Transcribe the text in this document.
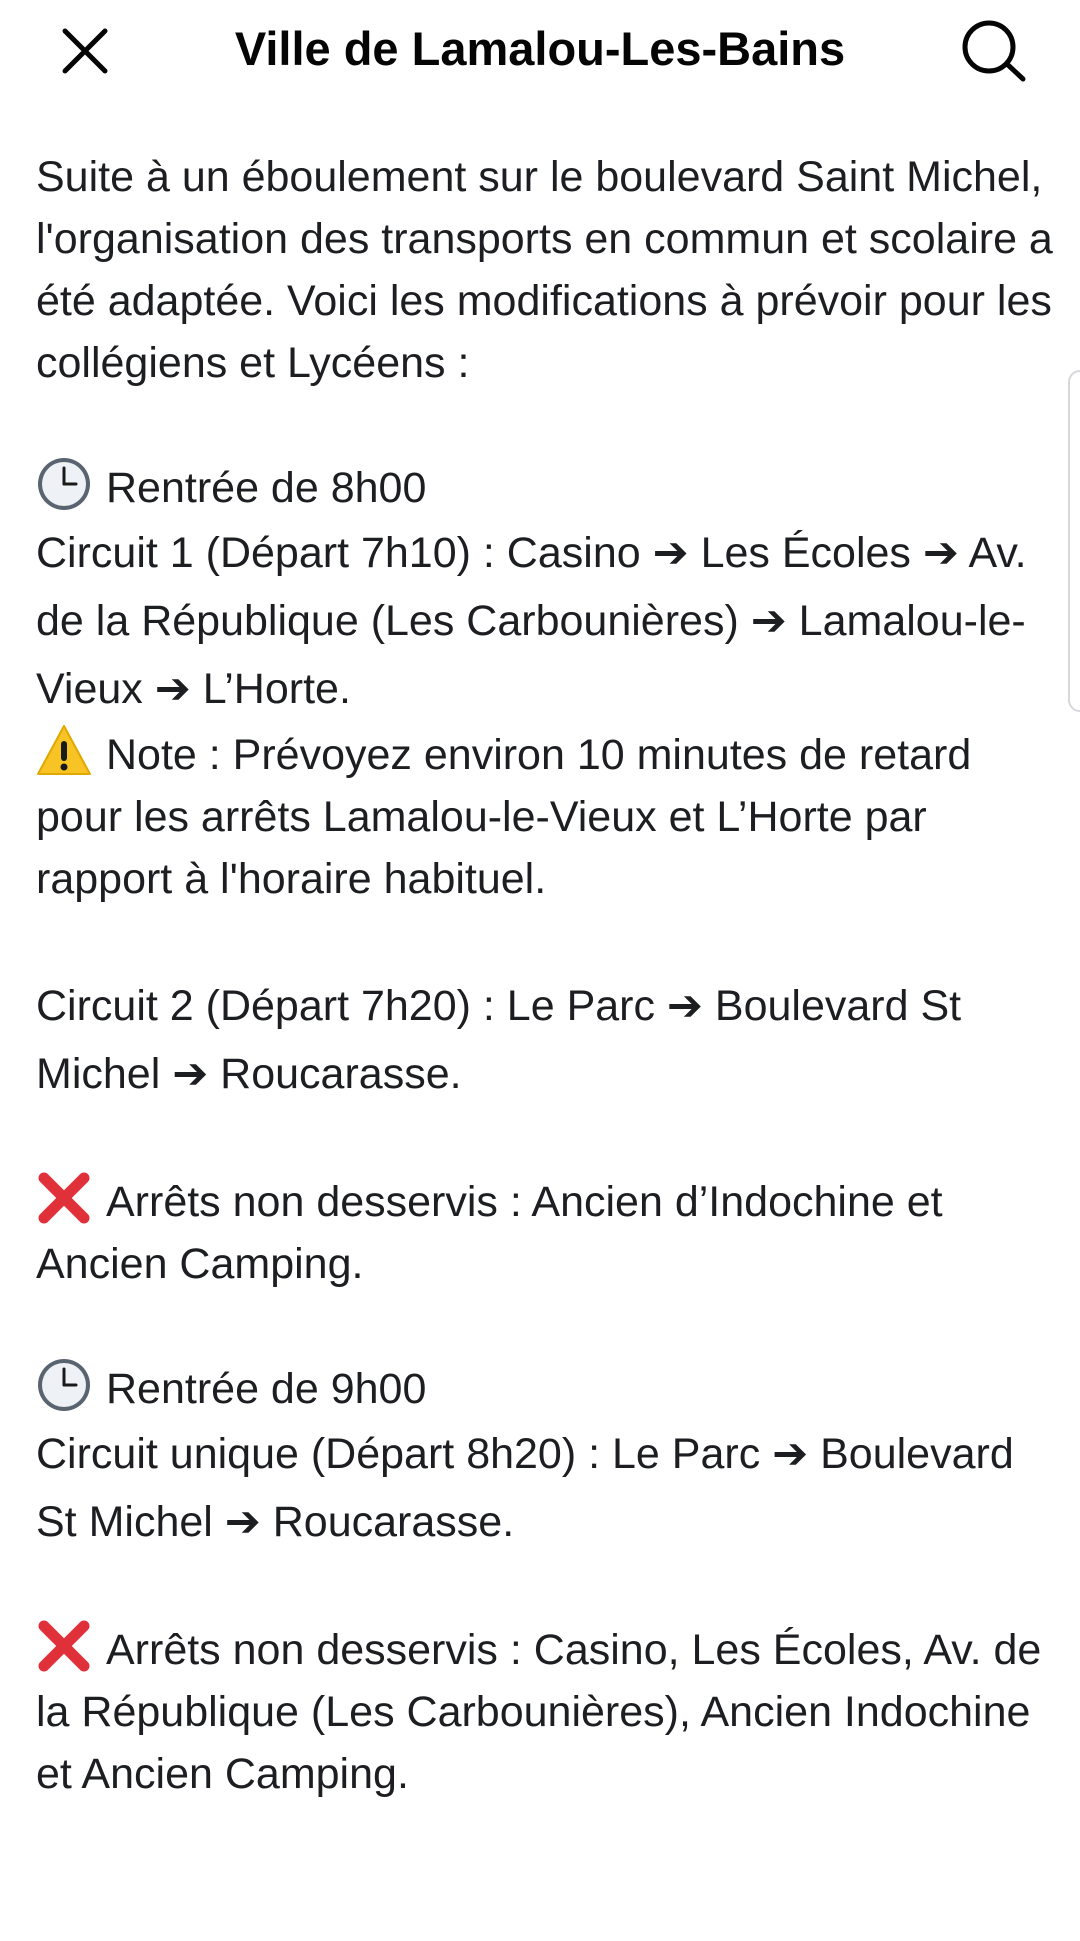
Ville de Lamalou-Les-Bains

Suite à un éboulement sur le boulevard Saint Michel, l'organisation des transports en commun et scolaire a été adaptée. Voici les modifications à prévoir pour les collégiens et Lycéens :

Rentrée de 8h00

Circuit 1 (Départ 7h10) : Casino ➔ Les Écoles ➔ Av. de la République (Les Carbounières) ➔ Lamalou-le-Vieux ➔ L’Horte.

Note : Prévoyez environ 10 minutes de retard pour les arrêts Lamalou-le-Vieux et L’Horte par rapport à l'horaire habituel.

Circuit 2 (Départ 7h20) : Le Parc ➔ Boulevard St Michel ➔ Roucarasse.

Arrêts non desservis : Ancien d’Indochine et Ancien Camping.

Rentrée de 9h00

Circuit unique (Départ 8h20) : Le Parc ➔ Boulevard St Michel ➔ Roucarasse.

Arrêts non desservis : Casino, Les Écoles, Av. de la République (Les Carbounières), Ancien Indochine et Ancien Camping.
